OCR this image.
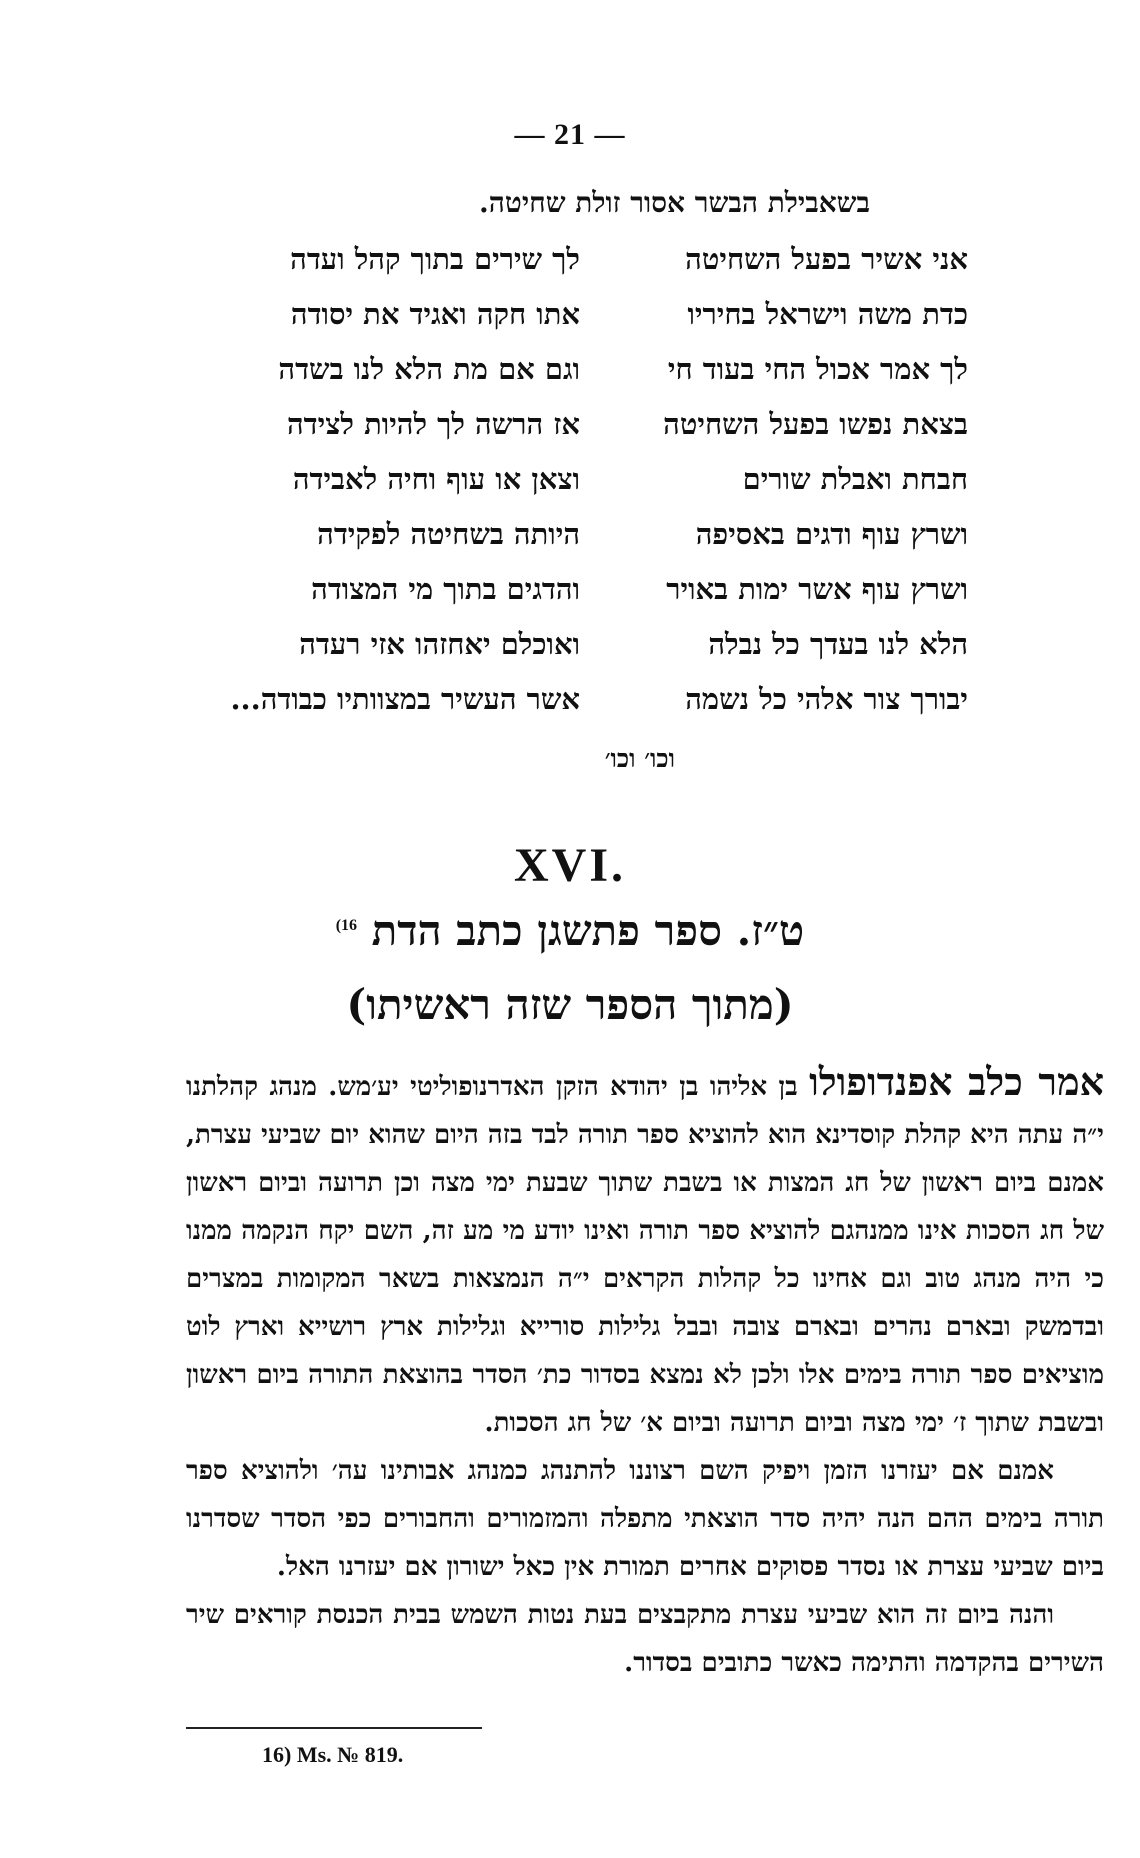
— 21 —
בשאבילת הבשר אסור זולת שחיטה.
אני אשיר בפעל השחיטה
לך שירים בתוך קהל ועדה
כדת משה וישראל בחיריו
אתו חקה ואגיד את יסודה
לך אמר אכול החי בעוד חי
וגם אם מת הלא לנו בשדה
בצאת נפשו בפעל השחיטה
אז הרשה לך להיות לצידה
חבחת ואבלת שורים
וצאן או עוף וחיה לאבידה
ושרץ עוף ודגים באסיפה
היותה בשחיטה לפקידה
ושרץ עוף אשר ימות באויר
והדגים בתוך מי המצודה
הלא לנו בעדך כל נבלה
ואוכלם יאחזהו אזי רעדה
יבורך צור אלהי כל נשמה
אשר העשיר במצוותיו כבודה...
וכו׳ וכו׳
XVI.
ט״ז. ספר פתשגן כתב הדת $^{16)}$
(מתוך הספר שזה ראשיתו)

אמר כלב אפנדופולו בן אליהו בן יהודא הזקן האדרנופוליטי יע׳מש. מנהג קהלתנו י״ה עתה היא קהלת קוסדינא הוא להוציא ספר תורה לבד בזה היום שהוא יום שביעי עצרת, אמנם ביום ראשון של חג המצות או בשבת שתוך שבעת ימי מצה וכן תרועה וביום ראשון של חג הסכות אינו ממנהגם להוציא ספר תורה ואינו יודע מי מע זה, השם יקח הנקמה ממנו כי היה מנהג טוב וגם אחינו כל קהלות הקראים י״ה הנמצאות בשאר המקומות במצרים ובדמשק ובארם נהרים ובארם צובה ובבל גלילות סורייא וגלילות ארץ רושייא וארץ לוט מוציאים ספר תורה בימים אלו ולכן לא נמצא בסדור כת׳ הסדר בהוצאת התורה ביום ראשון ובשבת שתוך ז׳ ימי מצה וביום תרועה וביום א׳ של חג הסכות.

אמנם אם יעזרנו הזמן ויפיק השם רצוננו להתנהג כמנהג אבותינו עה׳ ולהוציא ספר תורה בימים ההם הנה יהיה סדר הוצאתי מתפלה והמזמורים והחבורים כפי הסדר שסדרנו ביום שביעי עצרת או נסדר פסוקים אחרים תמורת אין כאל ישורון אם יעזרנו האל.

והנה ביום זה הוא שביעי עצרת מתקבצים בעת נטות השמש בבית הכנסת קוראים שיר השירים בהקדמה והתימה כאשר כתובים בסדור.

16) Ms. № 819.
